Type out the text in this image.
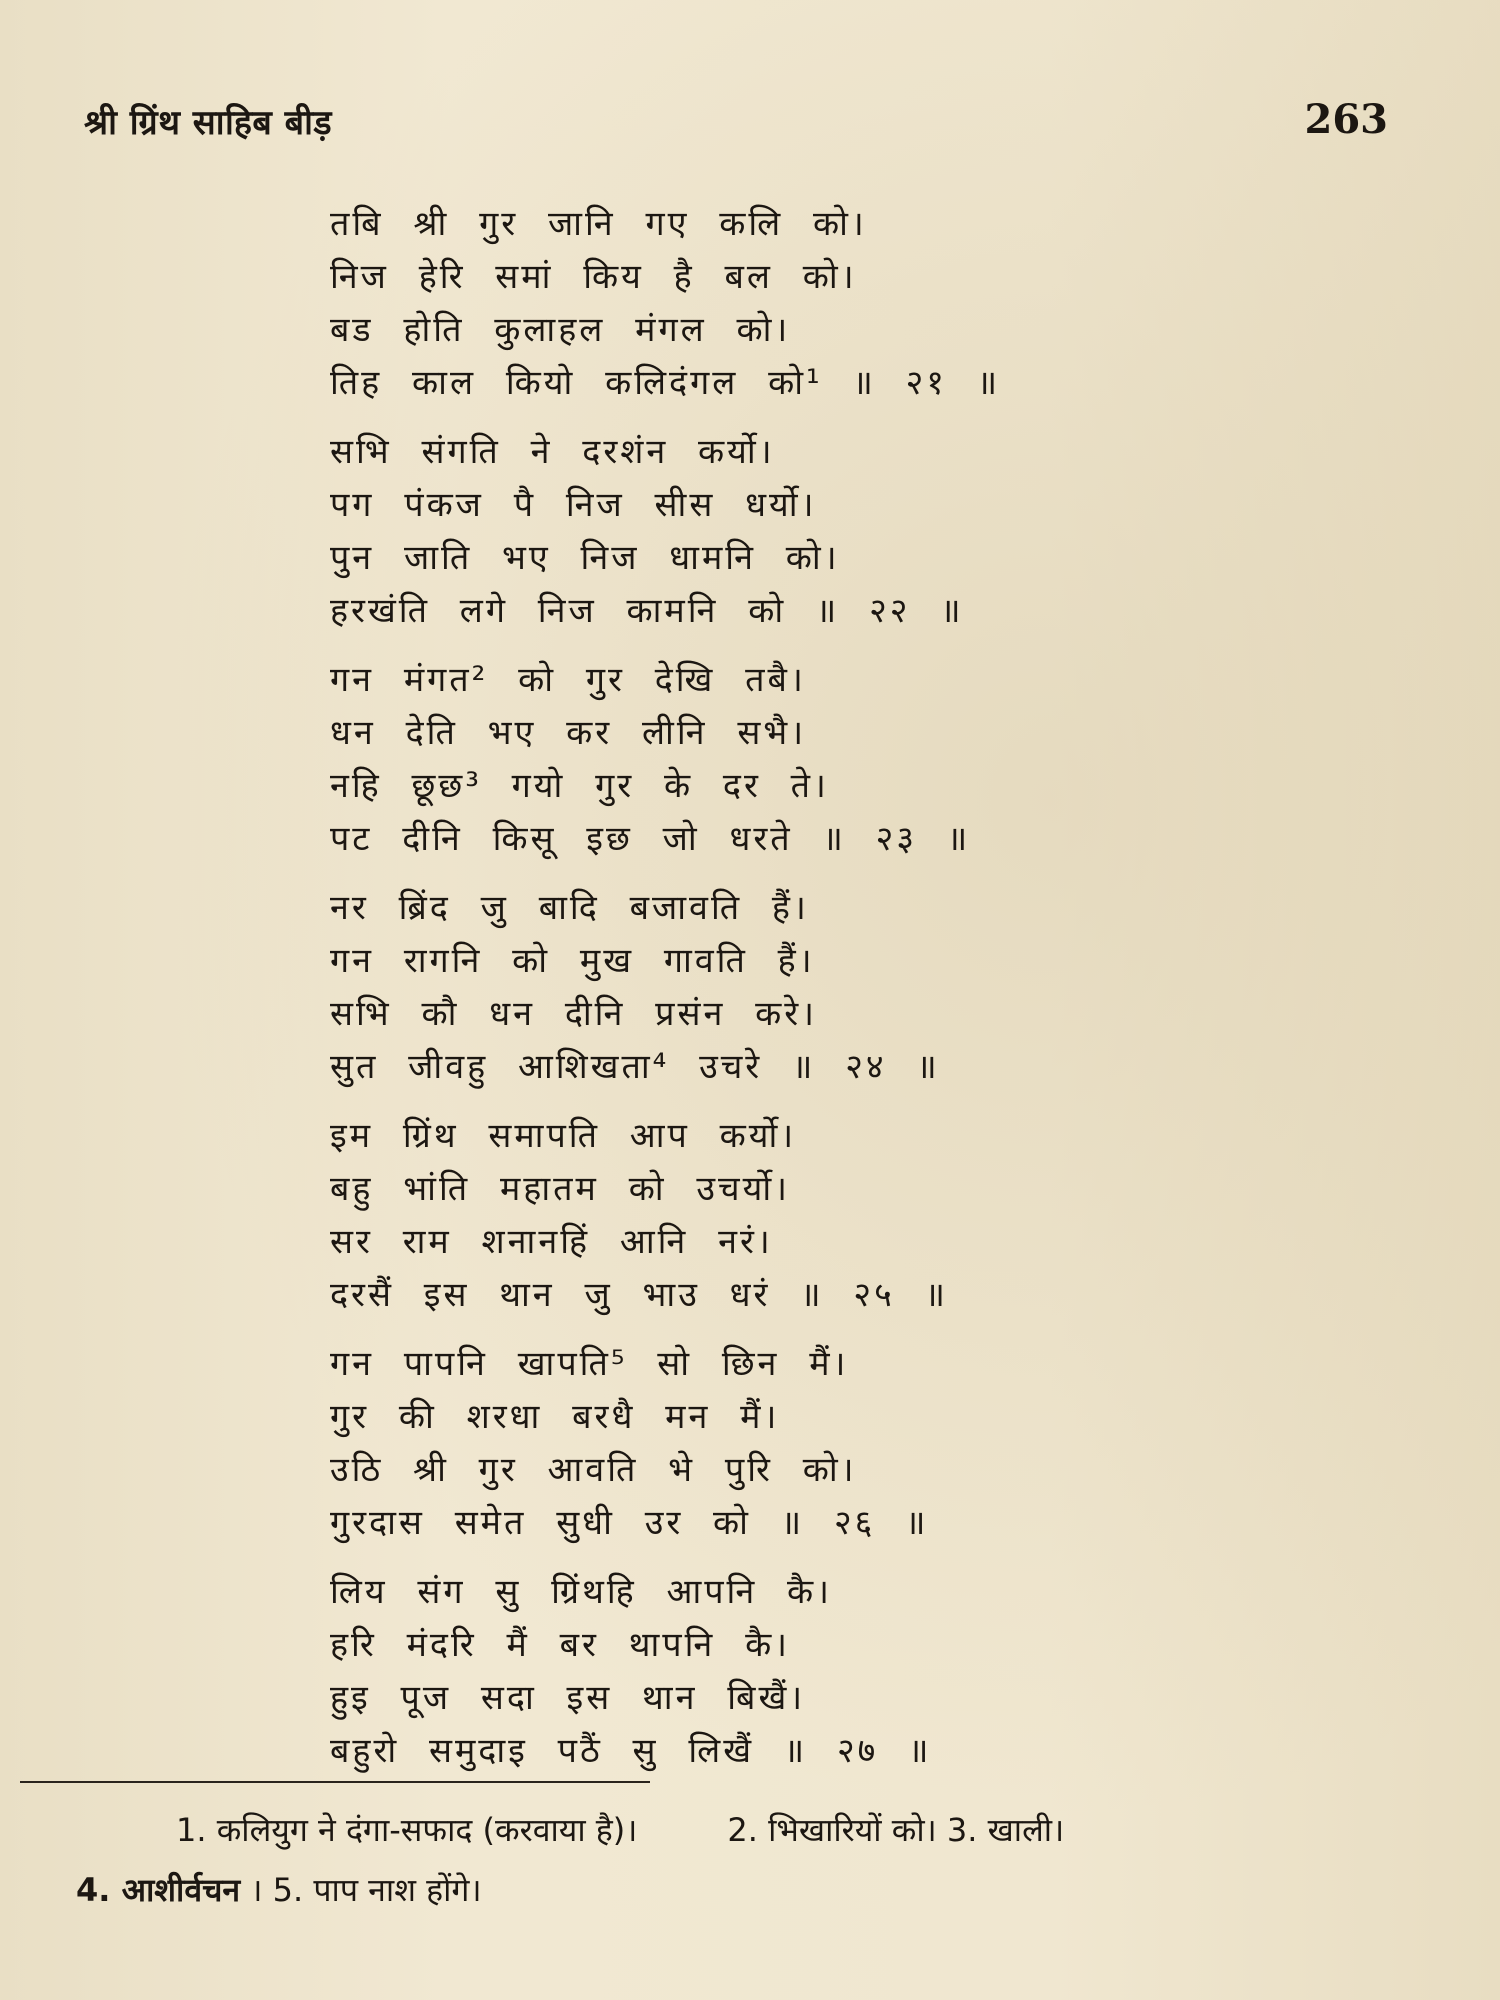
श्री ग्रिंथ साहिब बीड़	263
तबि श्री गुर जानि गए कलि को।
निज हेरि समां किय है बल को।
बड होति कुलाहल मंगल को।
तिह काल कियो कलिदंगल को¹ ॥ २१ ॥
सभि संगति ने दरशंन कर्यो।
पग पंकज पै निज सीस धर्यो।
पुन जाति भए निज धामनि को।
हरखंति लगे निज कामनि को ॥ २२ ॥
गन मंगत² को गुर देखि तबै।
धन देति भए कर लीनि सभै।
नहि छूछ³ गयो गुर के दर ते।
पट दीनि किसू इछ जो धरते ॥ २३ ॥
नर ब्रिंद जु बादि बजावति हैं।
गन रागनि को मुख गावति हैं।
सभि कौ धन दीनि प्रसंन करे।
सुत जीवहु आशिखता⁴ उचरे ॥ २४ ॥
इम ग्रिंथ समापति आप कर्यो।
बहु भांति महातम को उचर्यो।
सर राम शनानहिं आनि नरं।
दरसैं इस थान जु भाउ धरं ॥ २५ ॥
गन पापनि खापति⁵ सो छिन मैं।
गुर की शरधा बरधै मन मैं।
उठि श्री गुर आवति भे पुरि को।
गुरदास समेत सुधी उर को ॥ २६ ॥
लिय संग सु ग्रिंथहि आपनि कै।
हरि मंदरि मैं बर थापनि कै।
हुइ पूज सदा इस थान बिखैं।
बहुरो समुदाइ पठैं सु लिखैं ॥ २७ ॥
1. कलियुग ने दंगा-सफाद (करवाया है)।	2. भिखारियों को। 3. खाली।
4. आशीर्वचन । 5. पाप नाश होंगे।
